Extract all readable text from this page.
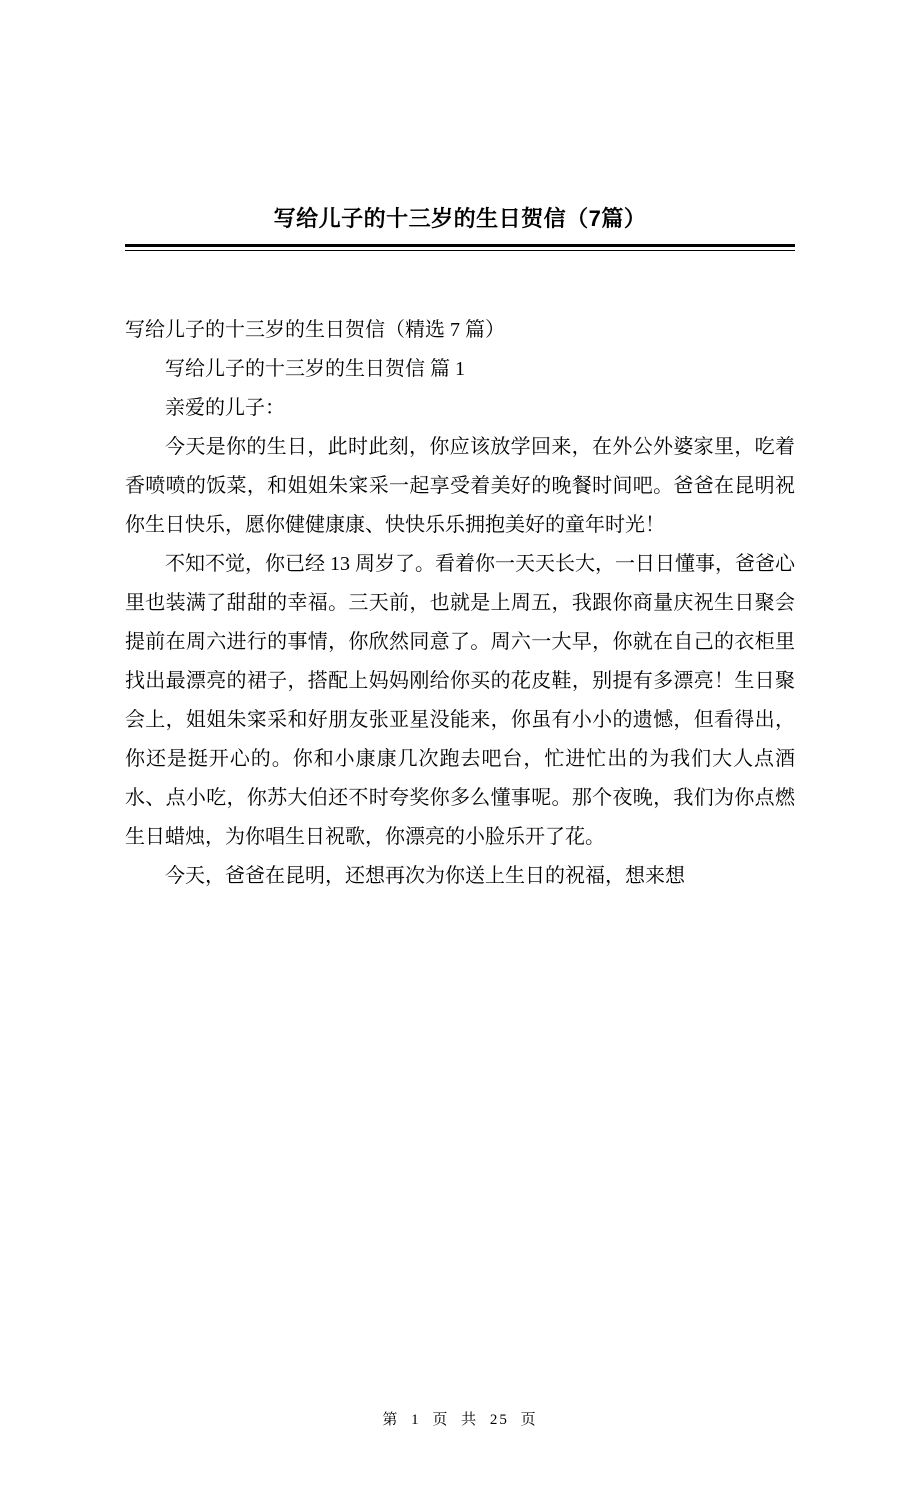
写给儿子的十三岁的生日贺信（7篇）

写给儿子的十三岁的生日贺信（精选 7 篇）

写给儿子的十三岁的生日贺信 篇 1

亲爱的儿子：

今天是你的生日，此时此刻，你应该放学回来，在外公外婆家里，吃着香喷喷的饭菜，和姐姐朱寀采一起享受着美好的晚餐时间吧。爸爸在昆明祝你生日快乐，愿你健健康康、快快乐乐拥抱美好的童年时光！

不知不觉，你已经 13 周岁了。看着你一天天长大，一日日懂事，爸爸心里也装满了甜甜的幸福。三天前，也就是上周五，我跟你商量庆祝生日聚会提前在周六进行的事情，你欣然同意了。周六一大早，你就在自己的衣柜里找出最漂亮的裙子，搭配上妈妈刚给你买的花皮鞋，别提有多漂亮！生日聚会上，姐姐朱寀采和好朋友张亚星没能来，你虽有小小的遗憾，但看得出，你还是挺开心的。你和小康康几次跑去吧台，忙进忙出的为我们大人点酒水、点小吃，你苏大伯还不时夸奖你多么懂事呢。那个夜晚，我们为你点燃生日蜡烛，为你唱生日祝歌，你漂亮的小脸乐开了花。

今天，爸爸在昆明，还想再次为你送上生日的祝福，想来想

第 1 页 共 25 页
